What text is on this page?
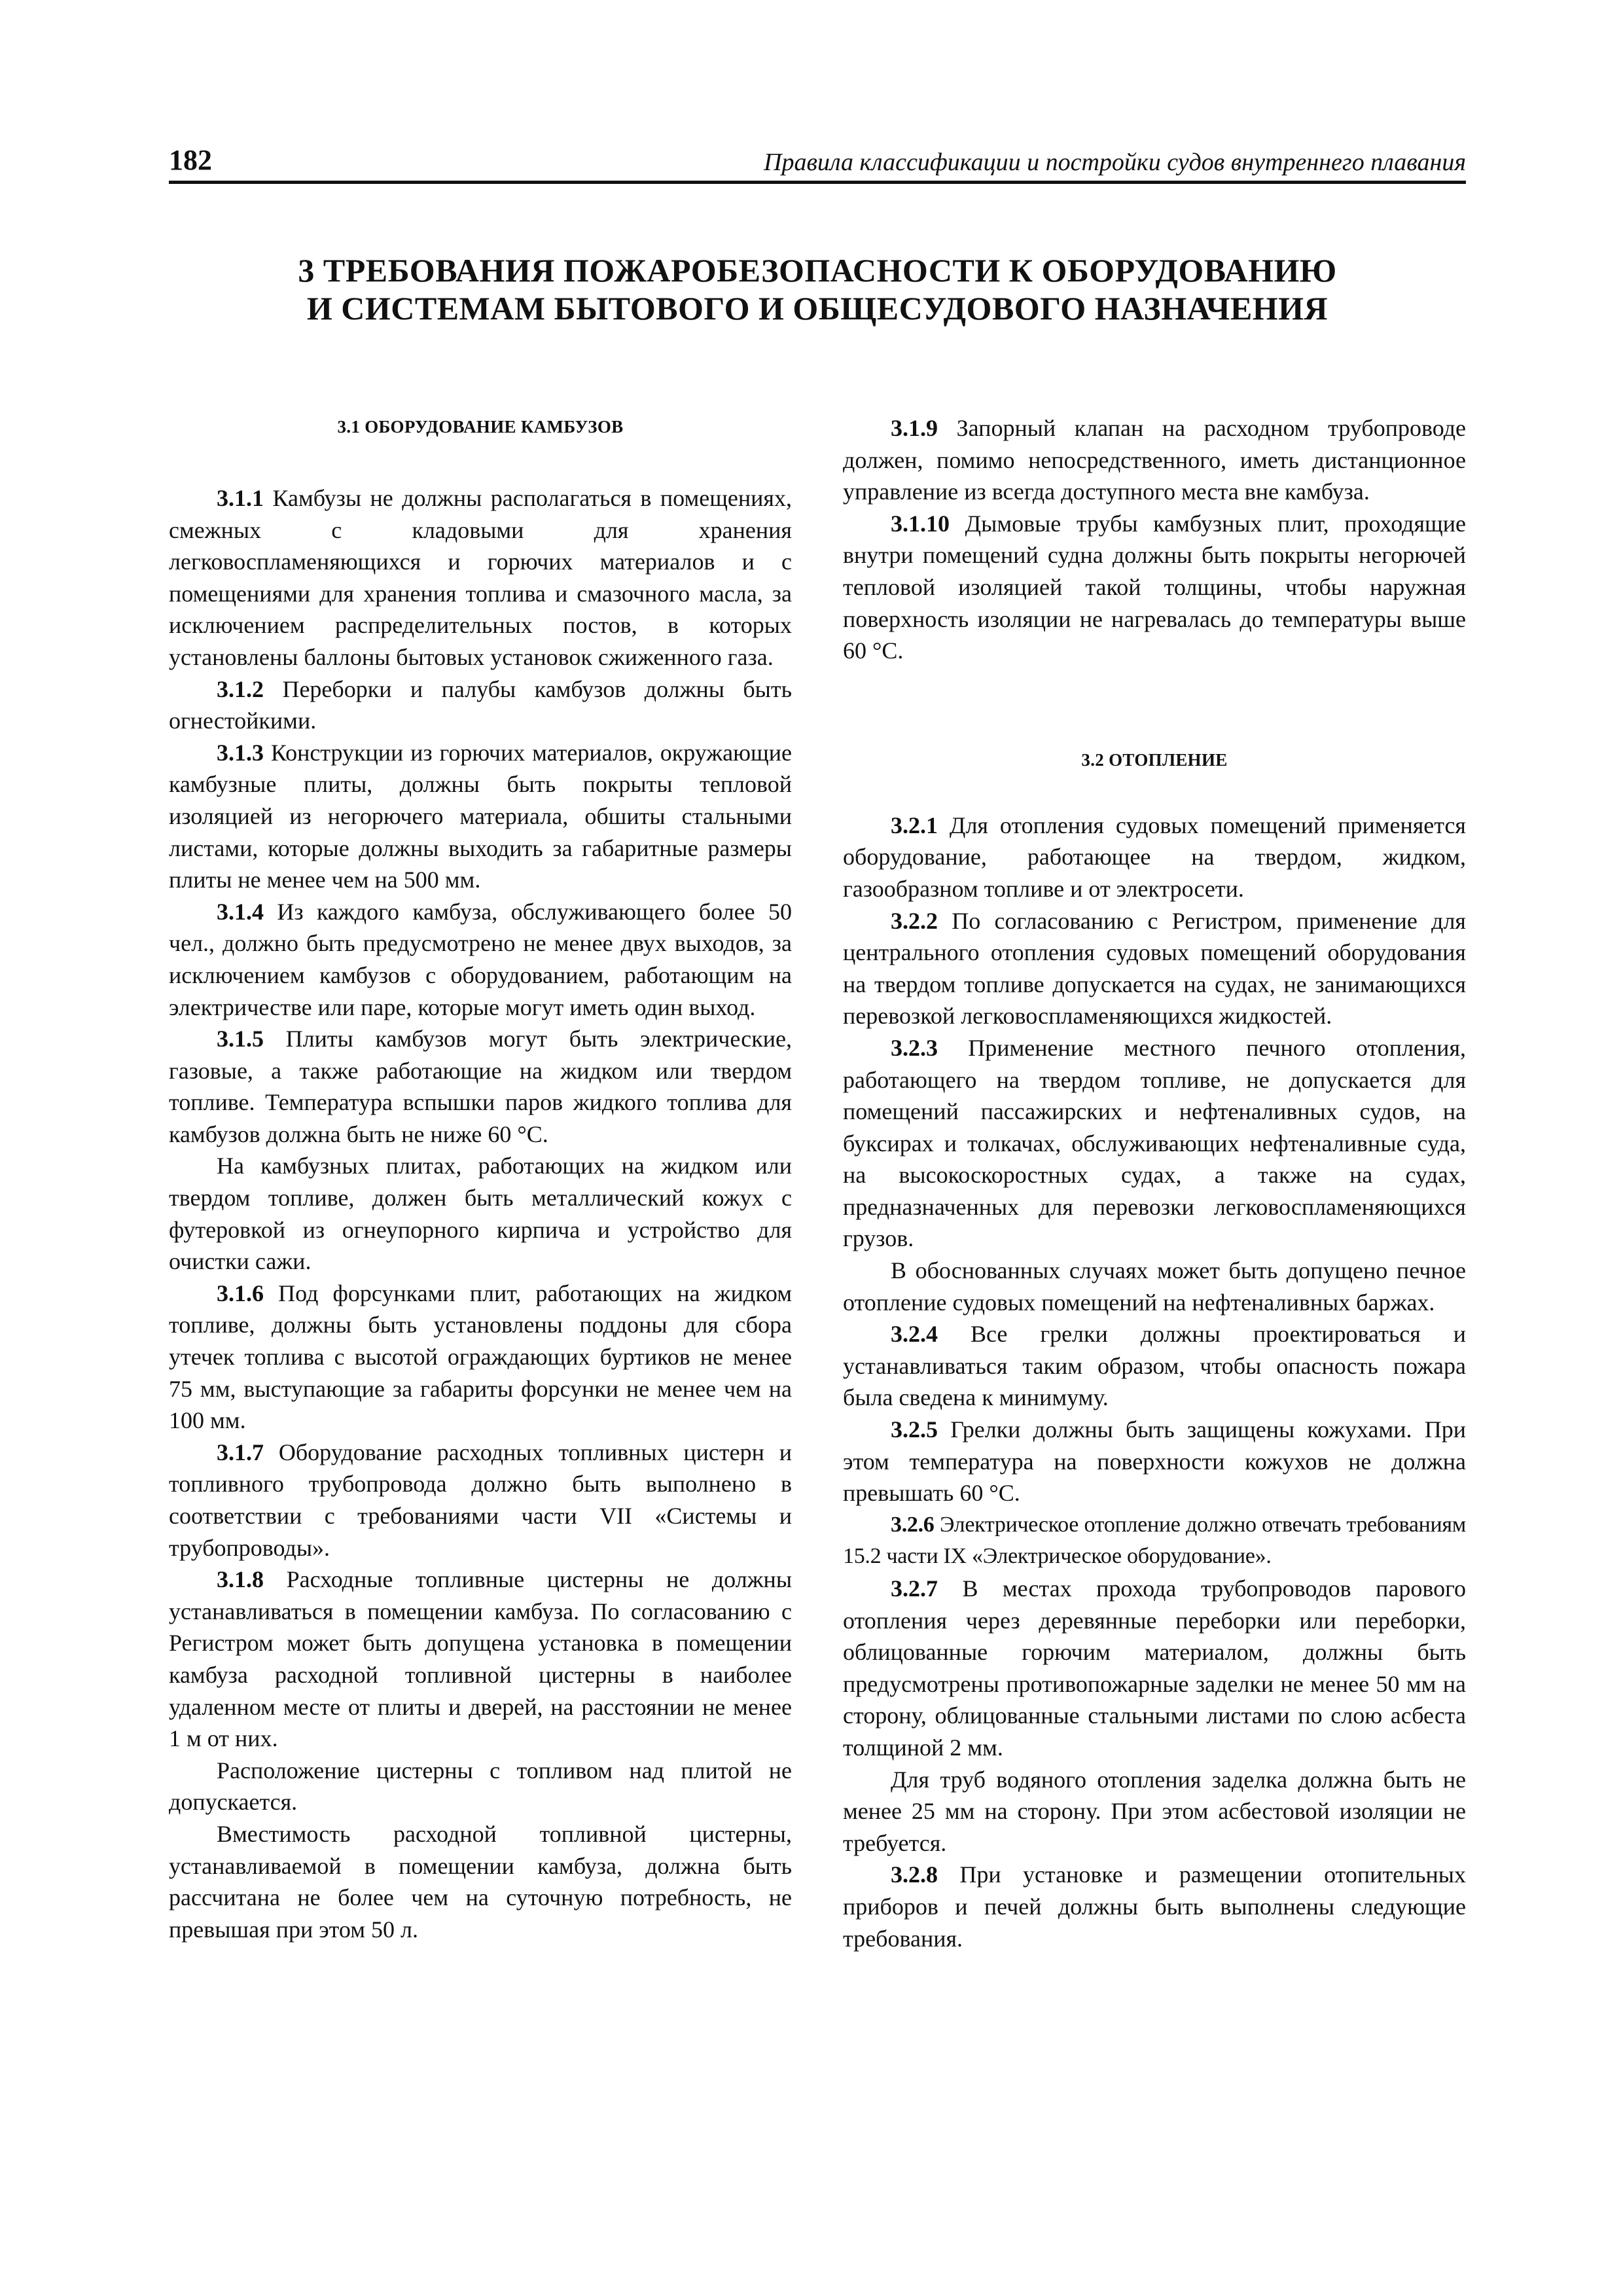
182	Правила классификации и постройки судов внутреннего плавания
3 ТРЕБОВАНИЯ ПОЖАРОБЕЗОПАСНОСТИ К ОБОРУДОВАНИЮ
И СИСТЕМАМ БЫТОВОГО И ОБЩЕСУДОВОГО НАЗНАЧЕНИЯ
3.1 ОБОРУДОВАНИЕ КАМБУЗОВ

3.1.1 Камбузы не должны располагаться в помещениях, смежных с кладовыми для хранения легковоспламеняющихся и горючих материалов и с помещениями для хранения топлива и смазочного масла, за исключением распределительных постов, в которых установлены баллоны бытовых установок сжиженного газа.

3.1.2 Переборки и палубы камбузов должны быть огнестойкими.

3.1.3 Конструкции из горючих материалов, окружающие камбузные плиты, должны быть покрыты тепловой изоляцией из негорючего материала, обшиты стальными листами, которые должны выходить за габаритные размеры плиты не менее чем на 500 мм.

3.1.4 Из каждого камбуза, обслуживающего более 50 чел., должно быть предусмотрено не менее двух выходов, за исключением камбузов с оборудованием, работающим на электричестве или паре, которые могут иметь один выход.

3.1.5 Плиты камбузов могут быть электрические, газовые, а также работающие на жидком или твердом топливе. Температура вспышки паров жидкого топлива для камбузов должна быть не ниже 60 °С.

На камбузных плитах, работающих на жидком или твердом топливе, должен быть металлический кожух с футеровкой из огнеупорного кирпича и устройство для очистки сажи.

3.1.6 Под форсунками плит, работающих на жидком топливе, должны быть установлены поддоны для сбора утечек топлива с высотой ограждающих буртиков не менее 75 мм, выступающие за габариты форсунки не менее чем на 100 мм.

3.1.7 Оборудование расходных топливных цистерн и топливного трубопровода должно быть выполнено в соответствии с требованиями части VII «Системы и трубопроводы».

3.1.8 Расходные топливные цистерны не должны устанавливаться в помещении камбуза. По согласованию с Регистром может быть допущена установка в помещении камбуза расходной топливной цистерны в наиболее удаленном месте от плиты и дверей, на расстоянии не менее 1 м от них.

Расположение цистерны с топливом над плитой не допускается.

Вместимость расходной топливной цистерны, устанавливаемой в помещении камбуза, должна быть рассчитана не более чем на суточную потребность, не превышая при этом 50 л.

3.1.9 Запорный клапан на расходном трубопроводе должен, помимо непосредственного, иметь дистанционное управление из всегда доступного места вне камбуза.

3.1.10 Дымовые трубы камбузных плит, проходящие внутри помещений судна должны быть покрыты негорючей тепловой изоляцией такой толщины, чтобы наружная поверхность изоляции не нагревалась до температуры выше 60 °С.

3.2 ОТОПЛЕНИЕ

3.2.1 Для отопления судовых помещений применяется оборудование, работающее на твердом, жидком, газообразном топливе и от электросети.

3.2.2 По согласованию с Регистром, применение для центрального отопления судовых помещений оборудования на твердом топливе допускается на судах, не занимающихся перевозкой легковоспламеняющихся жидкостей.

3.2.3 Применение местного печного отопления, работающего на твердом топливе, не допускается для помещений пассажирских и нефтеналивных судов, на буксирах и толкачах, обслуживающих нефтеналивные суда, на высокоскоростных судах, а также на судах, предназначенных для перевозки легковоспламеняющихся грузов.

В обоснованных случаях может быть допущено печное отопление судовых помещений на нефтеналивных баржах.

3.2.4 Все грелки должны проектироваться и устанавливаться таким образом, чтобы опасность пожара была сведена к минимуму.

3.2.5 Грелки должны быть защищены кожухами. При этом температура на поверхности кожухов не должна превышать 60 °С.

3.2.6 Электрическое отопление должно отвечать требованиям 15.2 части IX «Электрическое оборудование».

3.2.7 В местах прохода трубопроводов парового отопления через деревянные переборки или переборки, облицованные горючим материалом, должны быть предусмотрены противопожарные заделки не менее 50 мм на сторону, облицованные стальными листами по слою асбеста толщиной 2 мм.

Для труб водяного отопления заделка должна быть не менее 25 мм на сторону. При этом асбестовой изоляции не требуется.

3.2.8 При установке и размещении отопительных приборов и печей должны быть выполнены следующие требования.
